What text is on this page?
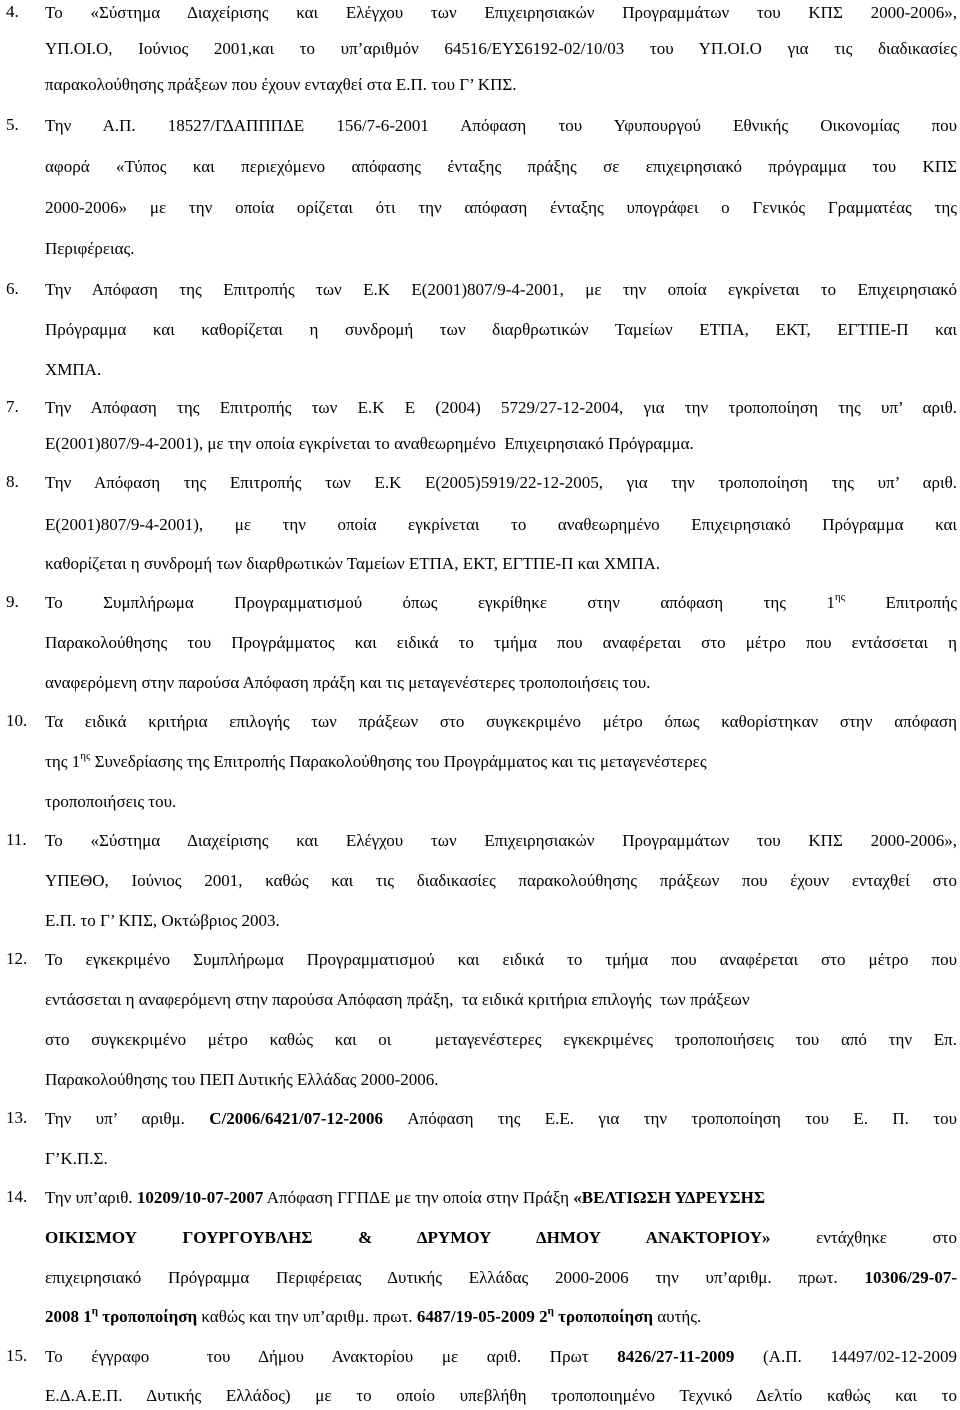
4. Το «Σύστημα Διαχείρισης και Ελέγχου των Επιχειρησιακών Προγραμμάτων του ΚΠΣ 2000-2006»,
ΥΠ.ΟΙ.Ο, Ιούνιος 2001,και το υπ’αριθμόν 64516/ΕΥΣ6192-02/10/03 του ΥΠ.ΟΙ.Ο για τις διαδικασίες
παρακολούθησης πράξεων που έχουν ενταχθεί στα Ε.Π. του Γ’ ΚΠΣ.
5. Την Α.Π. 18527/ΓΔΑΠΠΠΔΕ 156/7-6-2001 Απόφαση του Υφυπουργού Εθνικής Οικονομίας που
αφορά «Τύπος και περιεχόμενο απόφασης ένταξης πράξης σε επιχειρησιακό πρόγραμμα του ΚΠΣ
2000-2006» με την οποία ορίζεται ότι την απόφαση ένταξης υπογράφει ο Γενικός Γραμματέας της
Περιφέρειας.
6. Την Απόφαση της Επιτροπής των Ε.Κ Ε(2001)807/9-4-2001, με την οποία εγκρίνεται το Επιχειρησιακό
Πρόγραμμα και καθορίζεται η συνδρομή των διαρθρωτικών Ταμείων ΕΤΠΑ, ΕΚΤ, ΕΓΤΠΕ-Π και
ΧΜΠΑ.
7. Την Απόφαση της Επιτροπής των Ε.Κ Ε (2004) 5729/27-12-2004, για την τροποποίηση της υπ’ αριθ.
Ε(2001)807/9-4-2001), με την οποία εγκρίνεται το αναθεωρημένο  Επιχειρησιακό Πρόγραμμα.
8. Την Απόφαση της Επιτροπής των Ε.Κ Ε(2005)5919/22-12-2005, για την τροποποίηση της υπ’ αριθ.
Ε(2001)807/9-4-2001), με την οποία εγκρίνεται το αναθεωρημένο Επιχειρησιακό Πρόγραμμα και
καθορίζεται η συνδρομή των διαρθρωτικών Ταμείων ΕΤΠΑ, ΕΚΤ, ΕΓΤΠΕ-Π και ΧΜΠΑ.
9. Το Συμπλήρωμα Προγραμματισμού όπως εγκρίθηκε στην απόφαση της $1^{\eta\varsigma}$ Επιτροπής
Παρακολούθησης του Προγράμματος και ειδικά το τμήμα που αναφέρεται στο μέτρο που εντάσσεται η
αναφερόμενη στην παρούσα Απόφαση πράξη και τις μεταγενέστερες τροποποιήσεις του.
10. Τα ειδικά κριτήρια επιλογής των πράξεων στο συγκεκριμένο μέτρο όπως καθορίστηκαν στην απόφαση
της $1^{\eta\varsigma}$ Συνεδρίασης της Επιτροπής Παρακολούθησης του Προγράμματος και τις μεταγενέστερες
τροποποιήσεις του.
11. Το «Σύστημα Διαχείρισης και Ελέγχου των Επιχειρησιακών Προγραμμάτων του ΚΠΣ 2000-2006»,
ΥΠΕΘΟ, Ιούνιος 2001, καθώς και τις διαδικασίες παρακολούθησης πράξεων που έχουν ενταχθεί στο
Ε.Π. το Γ’ ΚΠΣ, Οκτώβριος 2003.
12. Το εγκεκριμένο Συμπλήρωμα Προγραμματισμού και ειδικά το τμήμα που αναφέρεται στο μέτρο που
εντάσσεται η αναφερόμενη στην παρούσα Απόφαση πράξη,  τα ειδικά κριτήρια επιλογής  των πράξεων
στο συγκεκριμένο μέτρο καθώς και οι  μεταγενέστερες εγκεκριμένες τροποποιήσεις του από την Επ.
Παρακολούθησης του ΠΕΠ Δυτικής Ελλάδας 2000-2006.
13. Την υπ’ αριθμ. C/2006/6421/07-12-2006 Απόφαση της Ε.Ε. για την τροποποίηση του Ε. Π. του
Γ’Κ.Π.Σ.
14. Την υπ’αριθ. 10209/10-07-2007 Απόφαση ΓΓΠΔΕ με την οποία στην Πράξη «ΒΕΛΤΙΩΣΗ ΥΔΡΕΥΣΗΣ
ΟΙΚΙΣΜΟΥ ΓΟΥΡΓΟΥΒΛΗΣ & ΔΡΥΜΟΥ ΔΗΜΟΥ ΑΝΑΚΤΟΡΙΟΥ» εντάχθηκε στο
επιχειρησιακό Πρόγραμμα Περιφέρειας Δυτικής Ελλάδας 2000-2006 την υπ’αριθμ. πρωτ. 10306/29-07-
2008 $1^\eta$ τροποποίηση καθώς και την υπ’αριθμ. πρωτ. 6487/19-05-2009 $2^\eta$ τροποποίηση αυτής.
15. Το έγγραφο  του Δήμου Ανακτορίου με αριθ. Πρωτ 8426/27-11-2009 (Α.Π. 14497/02-12-2009
Ε.Δ.Α.Ε.Π. Δυτικής Ελλάδος) με το οποίο υπεβλήθη τροποποιημένο Τεχνικό Δελτίο καθώς και το
